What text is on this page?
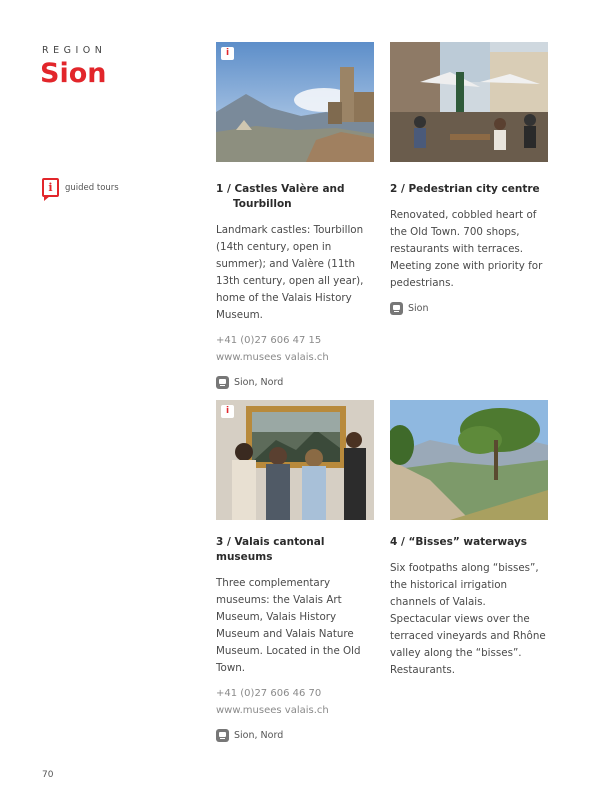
REGION
Sion
i	guided tours
i
i
1 / Castles Valère and
Tourbillon

Landmark castles: Tourbillon (14th century, open in summer); and Valère (11th 13th century, open all year), home of the Valais History Museum.

+41 (0)27 606 47 15
www.musees valais.ch
Sion, Nord
2 / Pedestrian city centre

Renovated, cobbled heart of the Old Town. 700 shops, restaurants with terraces. Meeting zone with priority for pedestrians.

Sion
3 / Valais cantonal museums

Three complementary museums: the Valais Art Museum, Valais History Museum and Valais Nature Museum. Located in the Old Town.

+41 (0)27 606 46 70
www.musees valais.ch
Sion, Nord
4 / “Bisses” waterways

Six footpaths along “bisses”, the historical irrigation channels of Valais. Spectacular views over the terraced vineyards and Rhône valley along the “bisses”. Restaurants.

70
